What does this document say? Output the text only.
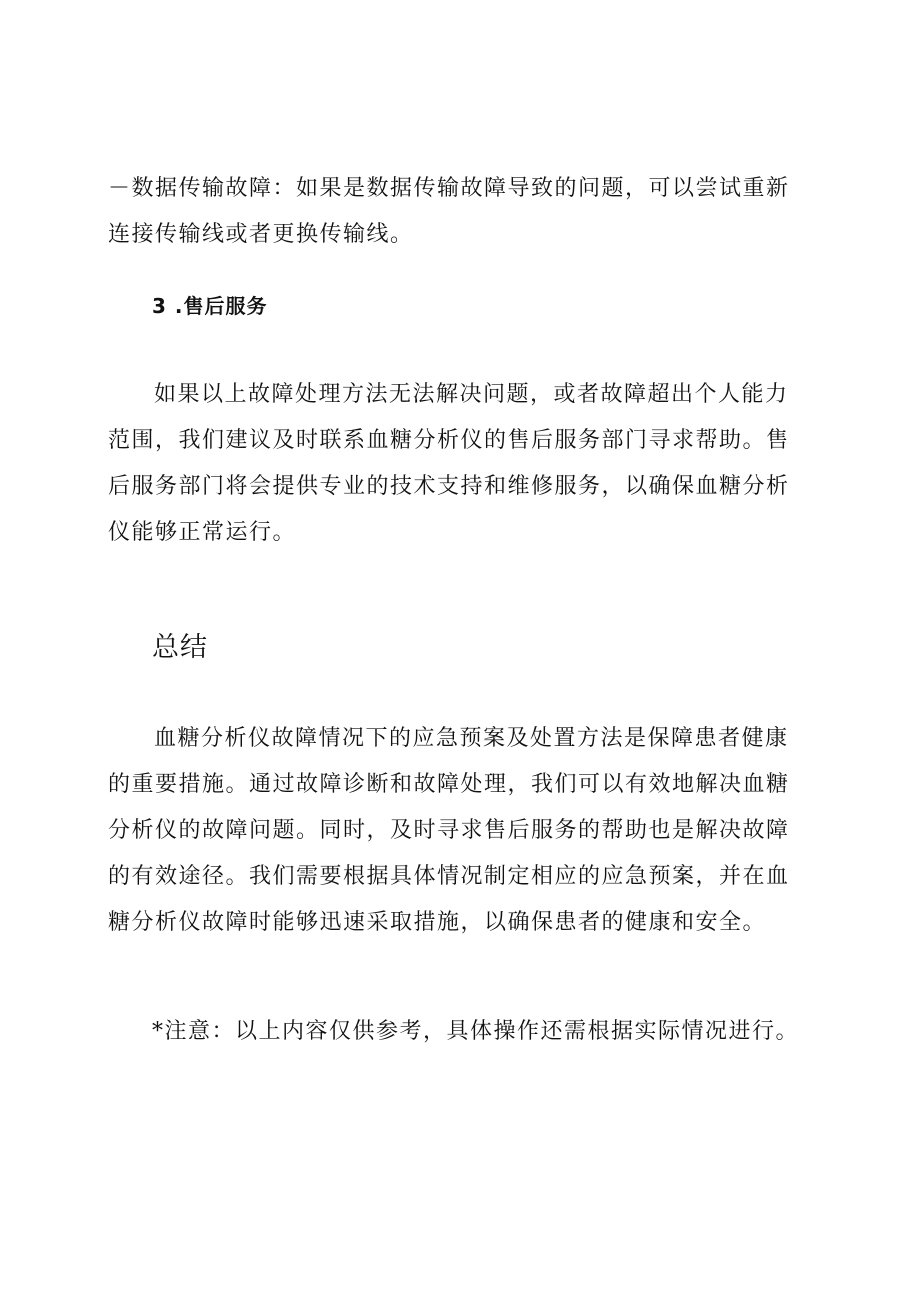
－数据传输故障：如果是数据传输故障导致的问题，可以尝试重新连接传输线或者更换传输线。

3 .售后服务

如果以上故障处理方法无法解决问题，或者故障超出个人能力范围，我们建议及时联系血糖分析仪的售后服务部门寻求帮助。售后服务部门将会提供专业的技术支持和维修服务，以确保血糖分析仪能够正常运行。

总结

血糖分析仪故障情况下的应急预案及处置方法是保障患者健康的重要措施。通过故障诊断和故障处理，我们可以有效地解决血糖分析仪的故障问题。同时，及时寻求售后服务的帮助也是解决故障的有效途径。我们需要根据具体情况制定相应的应急预案，并在血糖分析仪故障时能够迅速采取措施，以确保患者的健康和安全。

*注意：以上内容仅供参考，具体操作还需根据实际情况进行。
